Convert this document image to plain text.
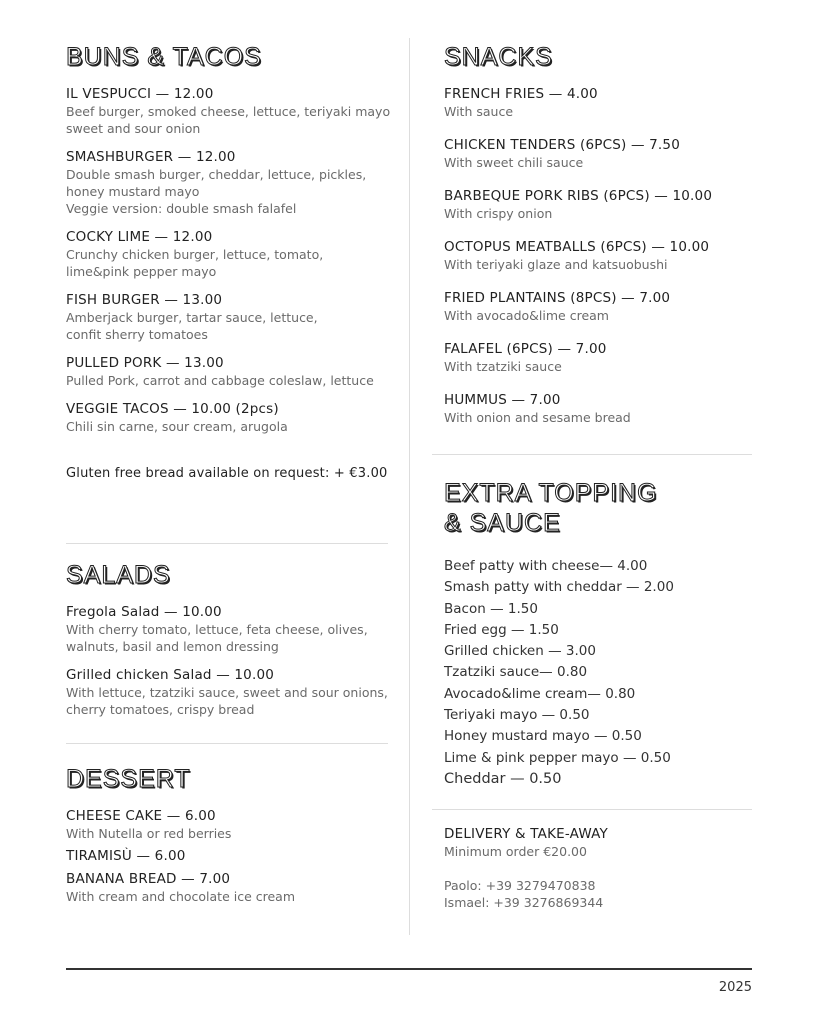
BUNS & TACOS
IL VESPUCCI — 12.00
Beef burger, smoked cheese, lettuce, teriyaki mayo
sweet and sour onion
SMASHBURGER — 12.00
Double smash burger, cheddar, lettuce, pickles,
honey mustard mayo
Veggie version: double smash falafel
COCKY LIME — 12.00
Crunchy chicken burger, lettuce, tomato,
lime&pink pepper mayo
FISH BURGER — 13.00
Amberjack burger, tartar sauce, lettuce,
confit sherry tomatoes
PULLED PORK — 13.00
Pulled Pork, carrot and cabbage coleslaw, lettuce
VEGGIE TACOS — 10.00 (2pcs)
Chili sin carne, sour cream, arugola
Gluten free bread available on request: + €3.00
SALADS
Fregola Salad — 10.00
With cherry tomato, lettuce, feta cheese, olives,
walnuts, basil and lemon dressing
Grilled chicken Salad — 10.00
With lettuce, tzatziki sauce, sweet and sour onions,
cherry tomatoes, crispy bread
DESSERT
CHEESE CAKE — 6.00
With Nutella or red berries
TIRAMISÙ — 6.00
BANANA BREAD — 7.00
With cream and chocolate ice cream
SNACKS
FRENCH FRIES — 4.00
With sauce
CHICKEN TENDERS (6PCS) — 7.50
With sweet chili sauce
BARBEQUE PORK RIBS (6PCS) — 10.00
With crispy onion
OCTOPUS MEATBALLS (6PCS) — 10.00
With teriyaki glaze and katsuobushi
FRIED PLANTAINS (8PCS) — 7.00
With avocado&lime cream
FALAFEL (6PCS) — 7.00
With tzatziki sauce
HUMMUS — 7.00
With onion and sesame bread
EXTRA TOPPING
& SAUCE
Beef patty with cheese— 4.00
Smash patty with cheddar — 2.00
Bacon — 1.50
Fried egg — 1.50
Grilled chicken — 3.00
Tzatziki sauce— 0.80
Avocado&lime cream— 0.80
Teriyaki mayo — 0.50
Honey mustard mayo — 0.50
Lime & pink pepper mayo — 0.50
Cheddar — 0.50
DELIVERY & TAKE-AWAY
Minimum order €20.00
Paolo: +39 3279470838
Ismael: +39 3276869344
2025
